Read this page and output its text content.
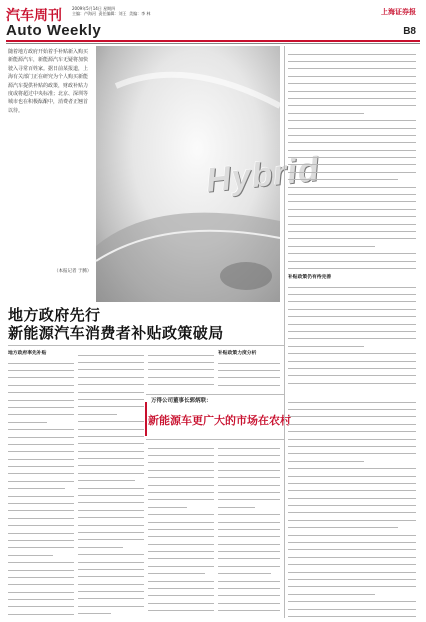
汽车周刊	2009年5月14日 星期四
主编：卢海河  责任编辑：刘王  美编：李 林	上海证券报
Auto Weekly	B8
随着地方政府开始着手补贴新入购买新能源汽车，新能源汽车无疑将加快驶入寻常百姓家。据日前某报道，上海有关部门正在研究为个人购买新能源汽车提供补贴的政策，财政补贴力度或将超过中央标准；北京、深圳等城市也在积极酝酿中，消费者正翘首以待。
（本报记者 于腾）
Hybrid
地方政府先行
新能源汽车消费者补贴政策破局
地方政府率先补贴	补贴政策力度分析
万得公司董事长郭炳联：
新能源车更广大的市场在农村
补贴政策仍有待完善
